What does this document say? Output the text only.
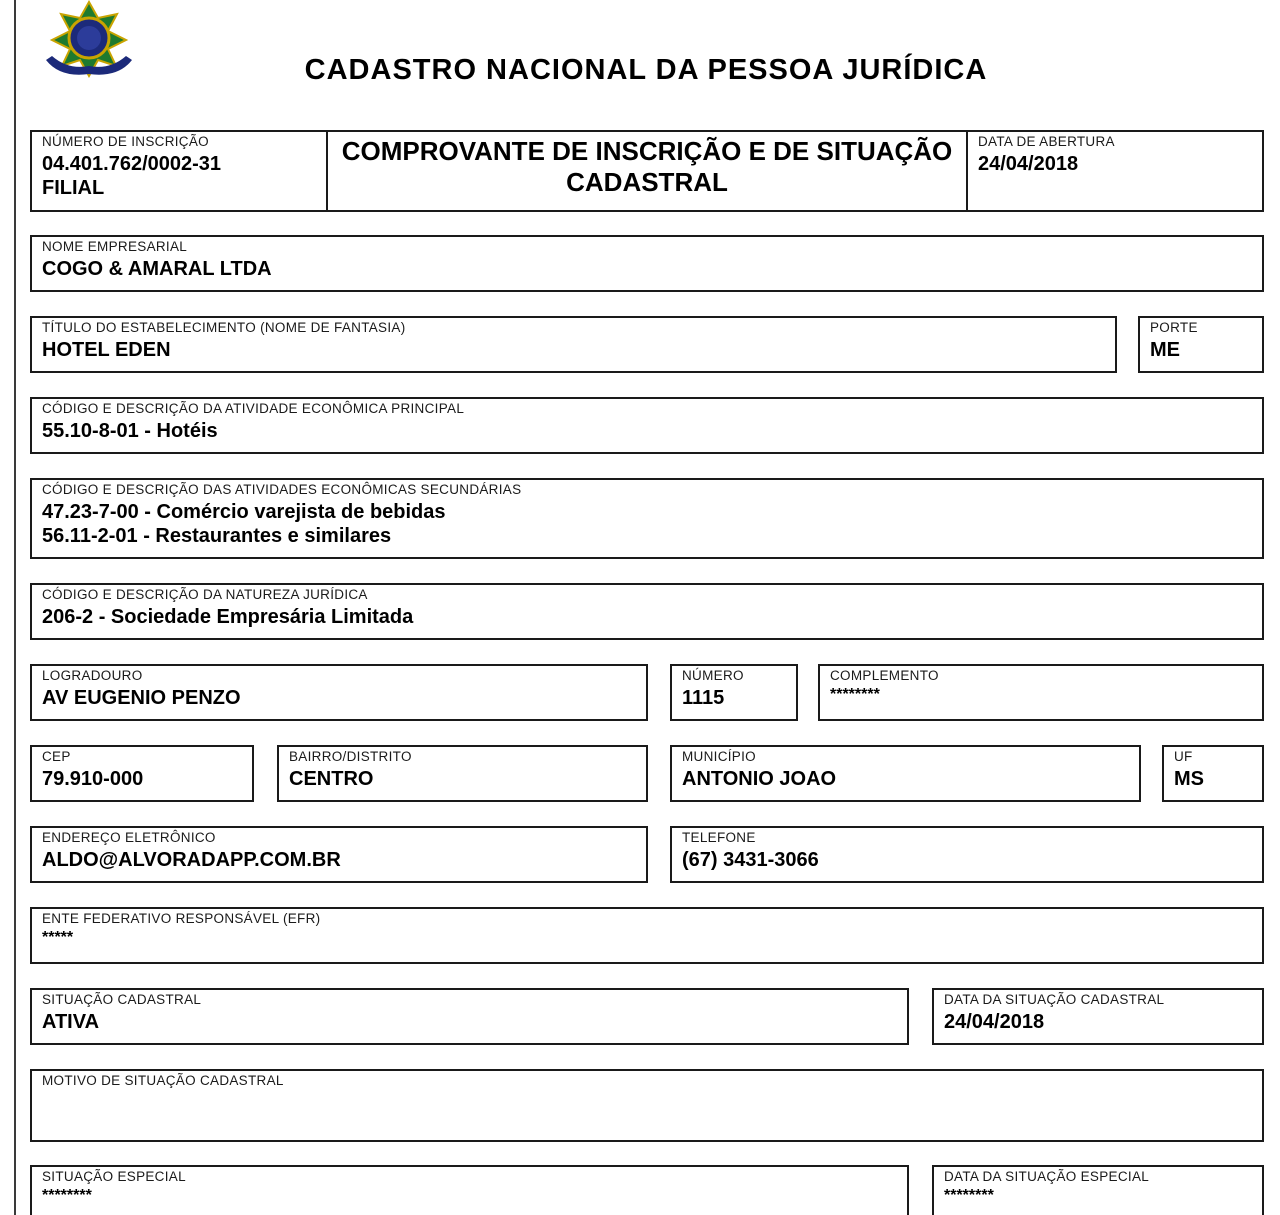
CADASTRO NACIONAL DA PESSOA JURÍDICA
NÚMERO DE INSCRIÇÃO
04.401.762/0002-31
FILIAL
COMPROVANTE DE INSCRIÇÃO E DE SITUAÇÃO
CADASTRAL
DATA DE ABERTURA
24/04/2018
NOME EMPRESARIAL
COGO & AMARAL LTDA
TÍTULO DO ESTABELECIMENTO (NOME DE FANTASIA)
HOTEL EDEN
PORTE
ME
CÓDIGO E DESCRIÇÃO DA ATIVIDADE ECONÔMICA PRINCIPAL
55.10-8-01 - Hotéis
CÓDIGO E DESCRIÇÃO DAS ATIVIDADES ECONÔMICAS SECUNDÁRIAS
47.23-7-00 - Comércio varejista de bebidas
56.11-2-01 - Restaurantes e similares
CÓDIGO E DESCRIÇÃO DA NATUREZA JURÍDICA
206-2 - Sociedade Empresária Limitada
LOGRADOURO
AV EUGENIO PENZO
NÚMERO
1115
COMPLEMENTO
********
CEP
79.910-000
BAIRRO/DISTRITO
CENTRO
MUNICÍPIO
ANTONIO JOAO
UF
MS
ENDEREÇO ELETRÔNICO
ALDO@ALVORADAPP.COM.BR
TELEFONE
(67) 3431-3066
ENTE FEDERATIVO RESPONSÁVEL (EFR)
*****
SITUAÇÃO CADASTRAL
ATIVA
DATA DA SITUAÇÃO CADASTRAL
24/04/2018
MOTIVO DE SITUAÇÃO CADASTRAL
SITUAÇÃO ESPECIAL
********
DATA DA SITUAÇÃO ESPECIAL
********
